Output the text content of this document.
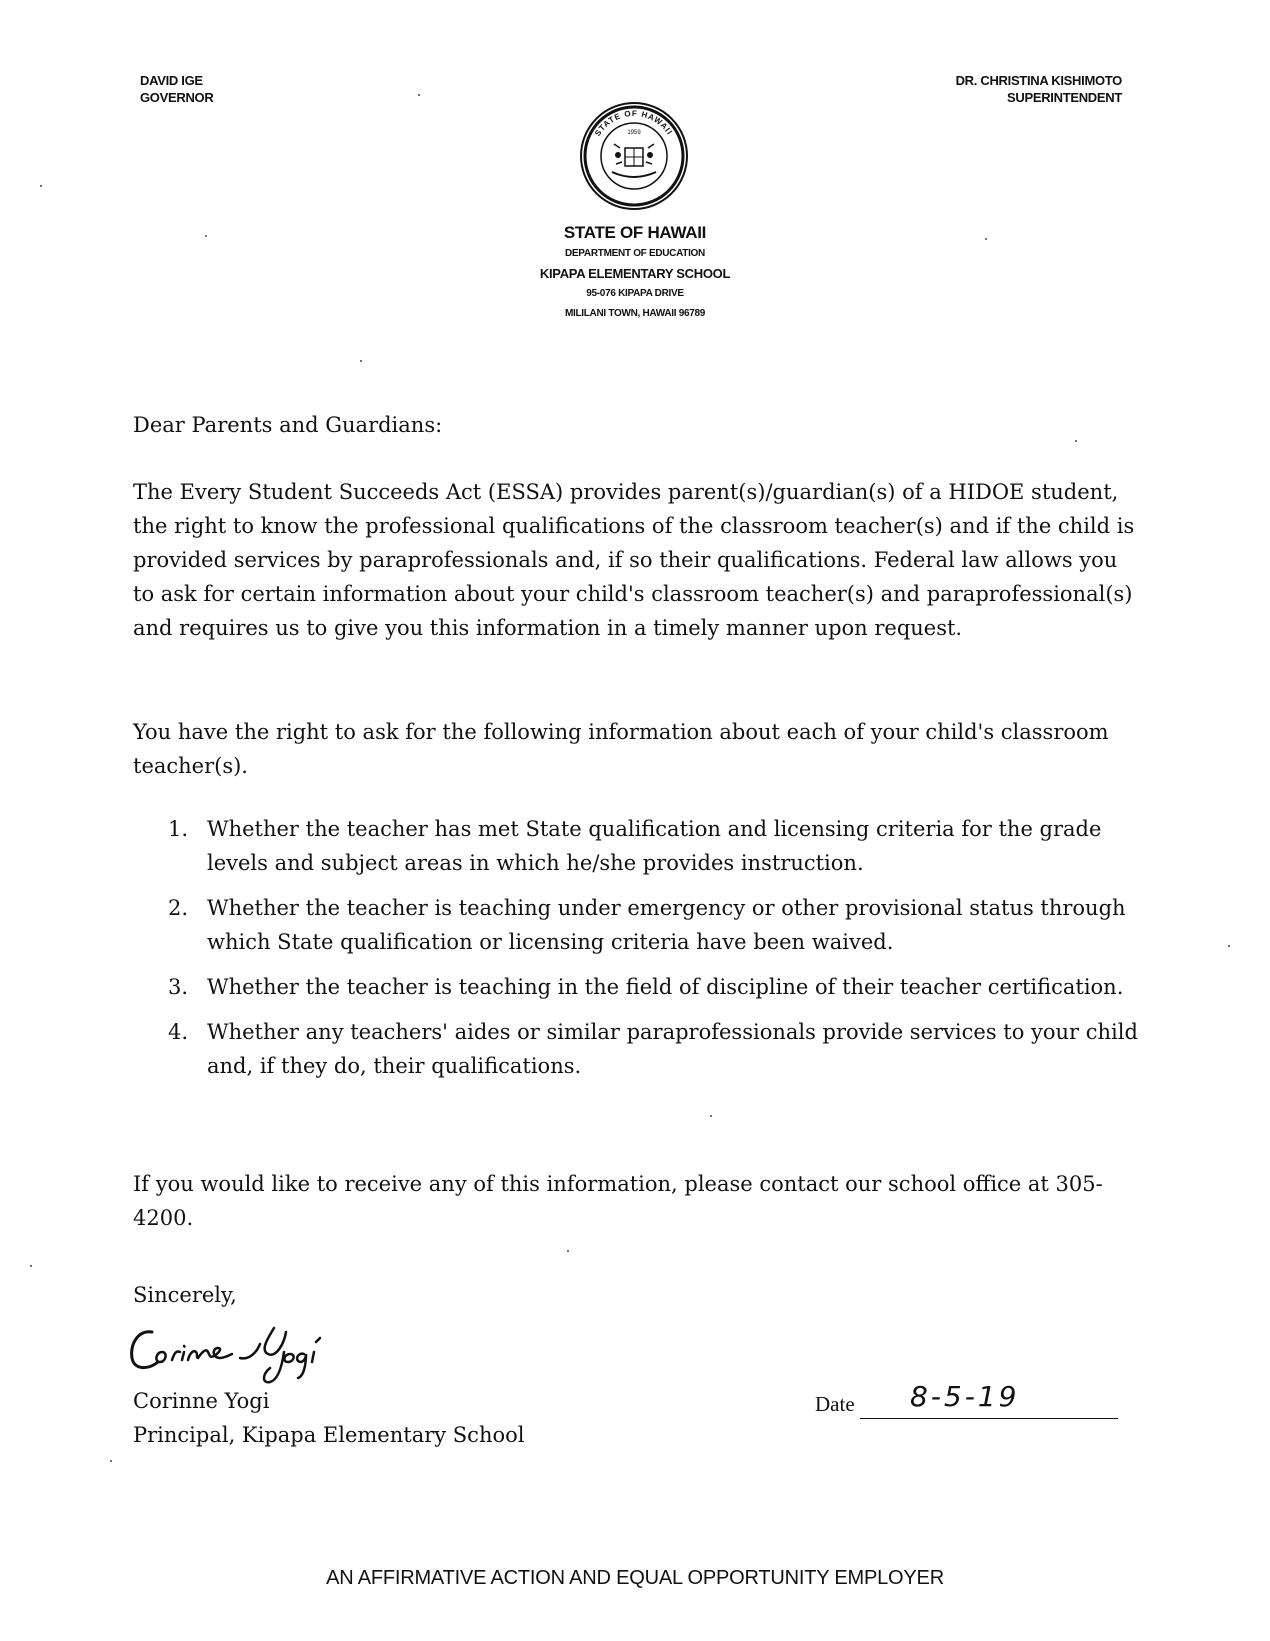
DAVID IGE
GOVERNOR
DR. CHRISTINA KISHIMOTO
SUPERINTENDENT
STATE OF HAWAII
1959
STATE OF HAWAII
DEPARTMENT OF EDUCATION
KIPAPA ELEMENTARY SCHOOL
95-076 KIPAPA DRIVE
MILILANI TOWN, HAWAII 96789

Dear Parents and Guardians:

The Every Student Succeeds Act (ESSA) provides parent(s)/guardian(s) of a HIDOE student, the right to know the professional qualifications of the classroom teacher(s) and if the child is provided services by paraprofessionals and, if so their qualifications. Federal law allows you to ask for certain information about your child's classroom teacher(s) and paraprofessional(s) and requires us to give you this information in a timely manner upon request.

You have the right to ask for the following information about each of your child's classroom teacher(s).

1. Whether the teacher has met State qualification and licensing criteria for the grade levels and subject areas in which he/she provides instruction.
2. Whether the teacher is teaching under emergency or other provisional status through which State qualification or licensing criteria have been waived.
3. Whether the teacher is teaching in the field of discipline of their teacher certification.
4. Whether any teachers' aides or similar paraprofessionals provide services to your child and, if they do, their qualifications.

If you would like to receive any of this information, please contact our school office at 305-4200.

Sincerely,

Corinne Yogi
Principal, Kipapa Elementary School
Date 8-5-19
AN AFFIRMATIVE ACTION AND EQUAL OPPORTUNITY EMPLOYER
